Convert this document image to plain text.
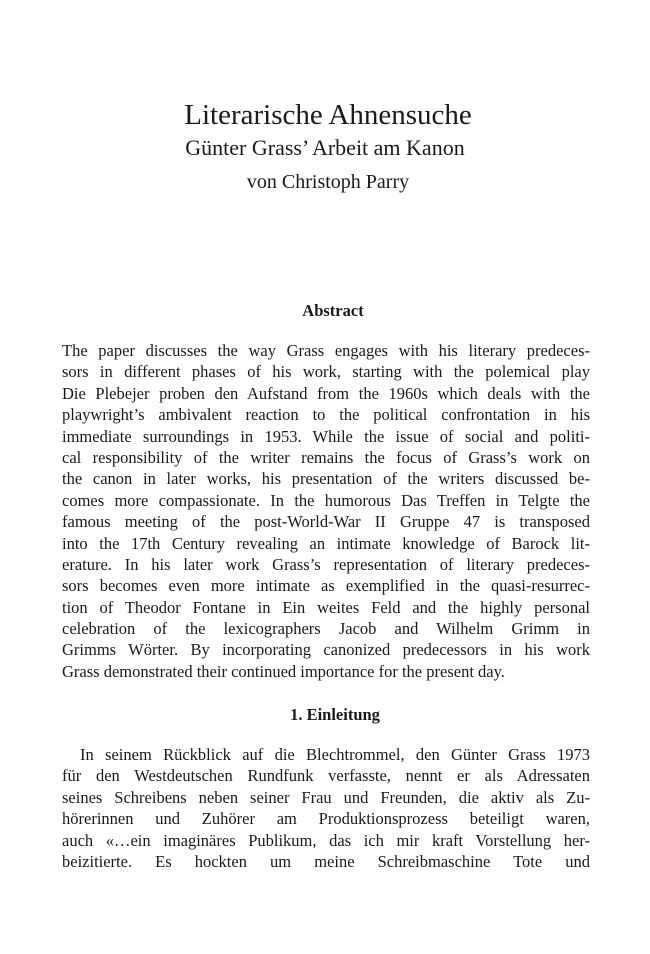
Literarische Ahnensuche
Günter Grass’ Arbeit am Kanon
von Christoph Parry
Abstract
The paper discusses the way Grass engages with his literary predeces-
sors in different phases of his work, starting with the polemical play
Die Plebejer proben den Aufstand from the 1960s which deals with the
playwright’s ambivalent reaction to the political confrontation in his
immediate surroundings in 1953. While the issue of social and politi-
cal responsibility of the writer remains the focus of Grass’s work on
the canon in later works, his presentation of the writers discussed be-
comes more compassionate. In the humorous Das Treffen in Telgte the
famous meeting of the post-World-War II Gruppe 47 is transposed
into the 17th Century revealing an intimate knowledge of Barock lit-
erature. In his later work Grass’s representation of literary predeces-
sors becomes even more intimate as exemplified in the quasi-resurrec-
tion of Theodor Fontane in Ein weites Feld and the highly personal
celebration of the lexicographers Jacob and Wilhelm Grimm in
Grimms Wörter. By incorporating canonized predecessors in his work
Grass demonstrated their continued importance for the present day.
1. Einleitung
In seinem Rückblick auf die Blechtrommel, den Günter Grass 1973
für den Westdeutschen Rundfunk verfasste, nennt er als Adressaten
seines Schreibens neben seiner Frau und Freunden, die aktiv als Zu-
hörerinnen und Zuhörer am Produktionsprozess beteiligt waren,
auch «…ein imaginäres Publikum, das ich mir kraft Vorstellung her-
beizitierte. Es hockten um meine Schreibmaschine Tote und
